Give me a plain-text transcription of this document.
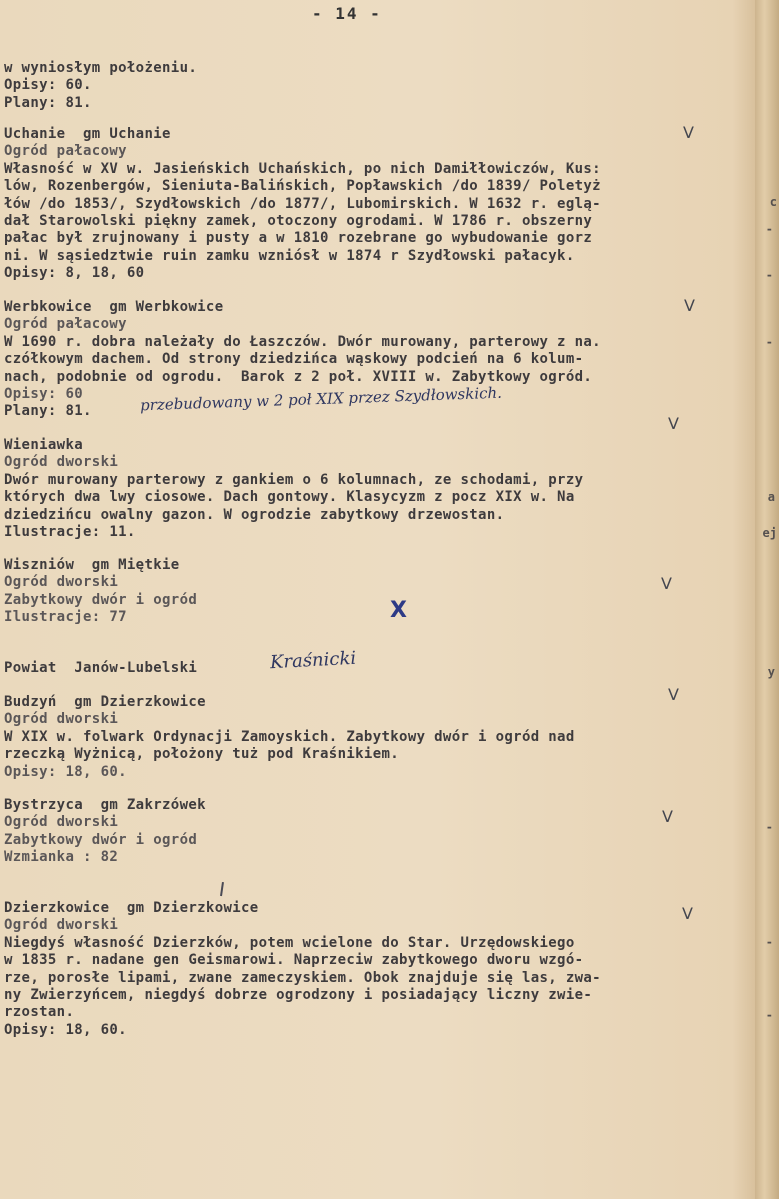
c
-
-
-
a
ej
y
-
-
-
- 14 -
w wyniosłym położeniu.
Opisy: 60.
Plany: 81.
Uchanie  gm Uchanie
Ogród pałacowy
Własność w XV w. Jasieńskich Uchańskich, po nich Damiłłowiczów, Kus:
lów, Rozenbergów, Sieniuta-Balińskich, Popławskich /do 1839/ Poletyż
łów /do 1853/, Szydłowskich /do 1877/, Lubomirskich. W 1632 r. eglą-
dał Starowolski piękny zamek, otoczony ogrodami. W 1786 r. obszerny
pałac był zrujnowany i pusty a w 1810 rozebrane go wybudowanie gorz
ni. W sąsiedztwie ruin zamku wzniósł w 1874 r Szydłowski pałacyk.
Opisy: 8, 18, 60
V
Werbkowice  gm Werbkowice
Ogród pałacowy
W 1690 r. dobra należały do Łaszczów. Dwór murowany, parterowy z na.
czółkowym dachem. Od strony dziedzińca wąskowy podcień na 6 kolum-
nach, podobnie od ogrodu.  Barok z 2 poł. XVIII w. Zabytkowy ogród.
Opisy: 60
Plany: 81.
V
przebudowany w 2 poł XIX przez Szydłowskich.
Wieniawka
Ogród dworski
Dwór murowany parterowy z gankiem o 6 kolumnach, ze schodami, przy
których dwa lwy ciosowe. Dach gontowy. Klasycyzm z pocz XIX w. Na
dziedzińcu owalny gazon. W ogrodzie zabytkowy drzewostan.
Ilustracje: 11.
V
Wiszniów  gm Miętkie
Ogród dworski
Zabytkowy dwór i ogród
Ilustracje: 77
V
X
Powiat  Janów-Lubelski	Kraśnicki
Budzyń  gm Dzierzkowice
Ogród dworski
W XIX w. folwark Ordynacji Zamoyskich. Zabytkowy dwór i ogród nad
rzeczką Wyżnicą, położony tuż pod Kraśnikiem.
Opisy: 18, 60.
V
Bystrzyca  gm Zakrzówek
Ogród dworski
Zabytkowy dwór i ogród
Wzmianka : 82
V
Dzierzkowice  gm Dzierzkowice
Ogród dworski
Niegdyś własność Dzierzków, potem wcielone do Star. Urzędowskiego
w 1835 r. nadane gen Geismarowi. Naprzeciw zabytkowego dworu wzgó-
rze, porosłe lipami, zwane zameczyskiem. Obok znajduje się las, zwa-
ny Zwierzyńcem, niegdyś dobrze ogrodzony i posiadający liczny zwie-
rzostan.
Opisy: 18, 60.
V
